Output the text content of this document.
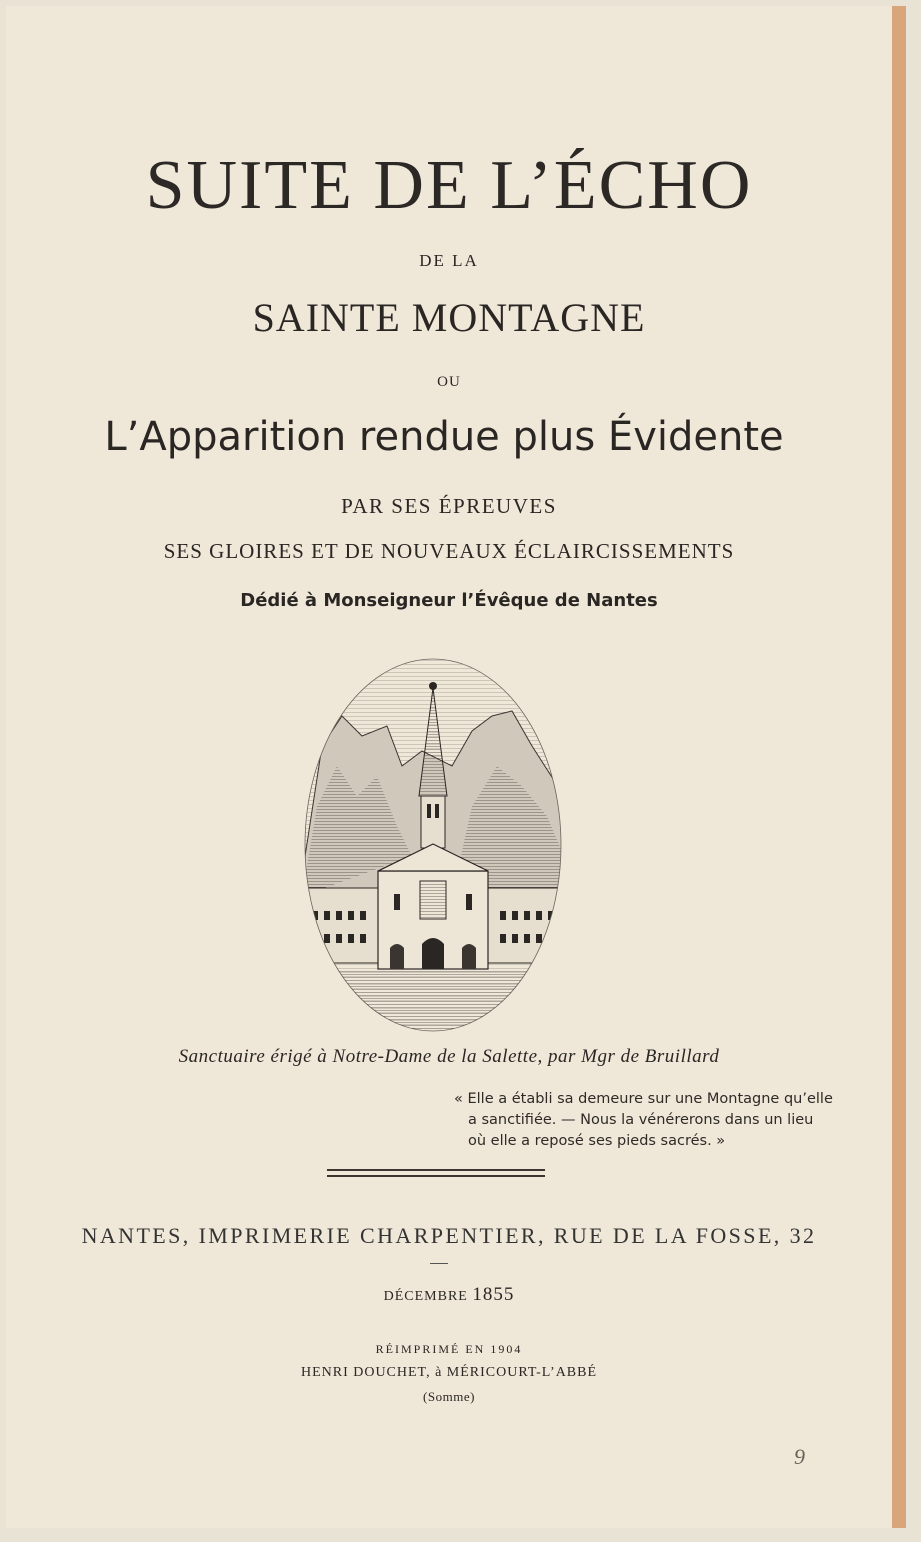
SUITE DE L’ÉCHO
DE LA
SAINTE MONTAGNE
OU
L’Apparition rendue plus Évidente
PAR SES ÉPREUVES
SES GLOIRES ET DE NOUVEAUX ÉCLAIRCISSEMENTS
Dédié à Monseigneur l’Évêque de Nantes
Sanctuaire érigé à Notre-Dame de la Salette, par Mgr de Bruillard
« Elle a établi sa demeure sur une Montagne qu’elle
a sanctifiée. — Nous la vénérerons dans un lieu
où elle a reposé ses pieds sacrés. »
NANTES, IMPRIMERIE CHARPENTIER, RUE DE LA FOSSE, 32
DÉCEMBRE 1855
RÉIMPRIMÉ EN 1904
HENRI DOUCHET, à MÉRICOURT-L’ABBÉ
(Somme)
9
